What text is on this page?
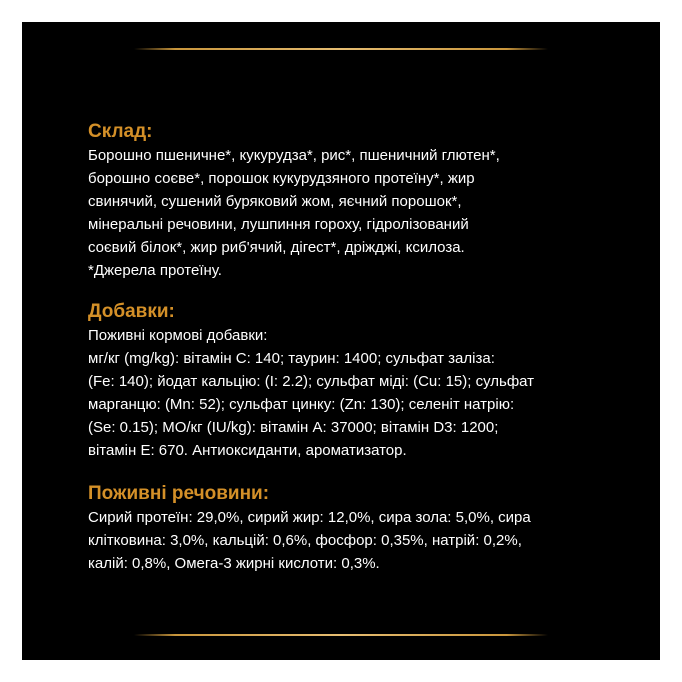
Склад:

Борошно пшеничне*, кукурудза*, рис*, пшеничний глютен*,

борошно соєве*, порошок кукурудзяного протеїну*, жир

свинячий, сушений буряковий жом, яєчний порошок*,

мінеральні речовини, лушпиння гороху, гідролізований

соєвий білок*, жир риб'ячий, дігест*, дріжджі, ксилоза.

*Джерела протеїну.

Добавки:

Поживні кормові добавки:

мг/кг (mg/kg): вітамін С: 140; таурин: 1400; сульфат заліза:

(Fe: 140); йодат кальцію: (I: 2.2); сульфат міді: (Cu: 15); сульфат

марганцю: (Mn: 52); сульфат цинку: (Zn: 130); селеніт натрію:

(Se: 0.15); МО/кг (IU/kg): вітамін А: 37000; вітамін D3: 1200;

вітамін Е: 670. Антиоксиданти, ароматизатор.

Поживні речовини:

Сирий протеїн: 29,0%, сирий жир: 12,0%, сира зола: 5,0%, сира

клітковина: 3,0%, кальцій: 0,6%, фосфор: 0,35%, натрій: 0,2%,

калій: 0,8%, Омега-3 жирні кислоти: 0,3%.
